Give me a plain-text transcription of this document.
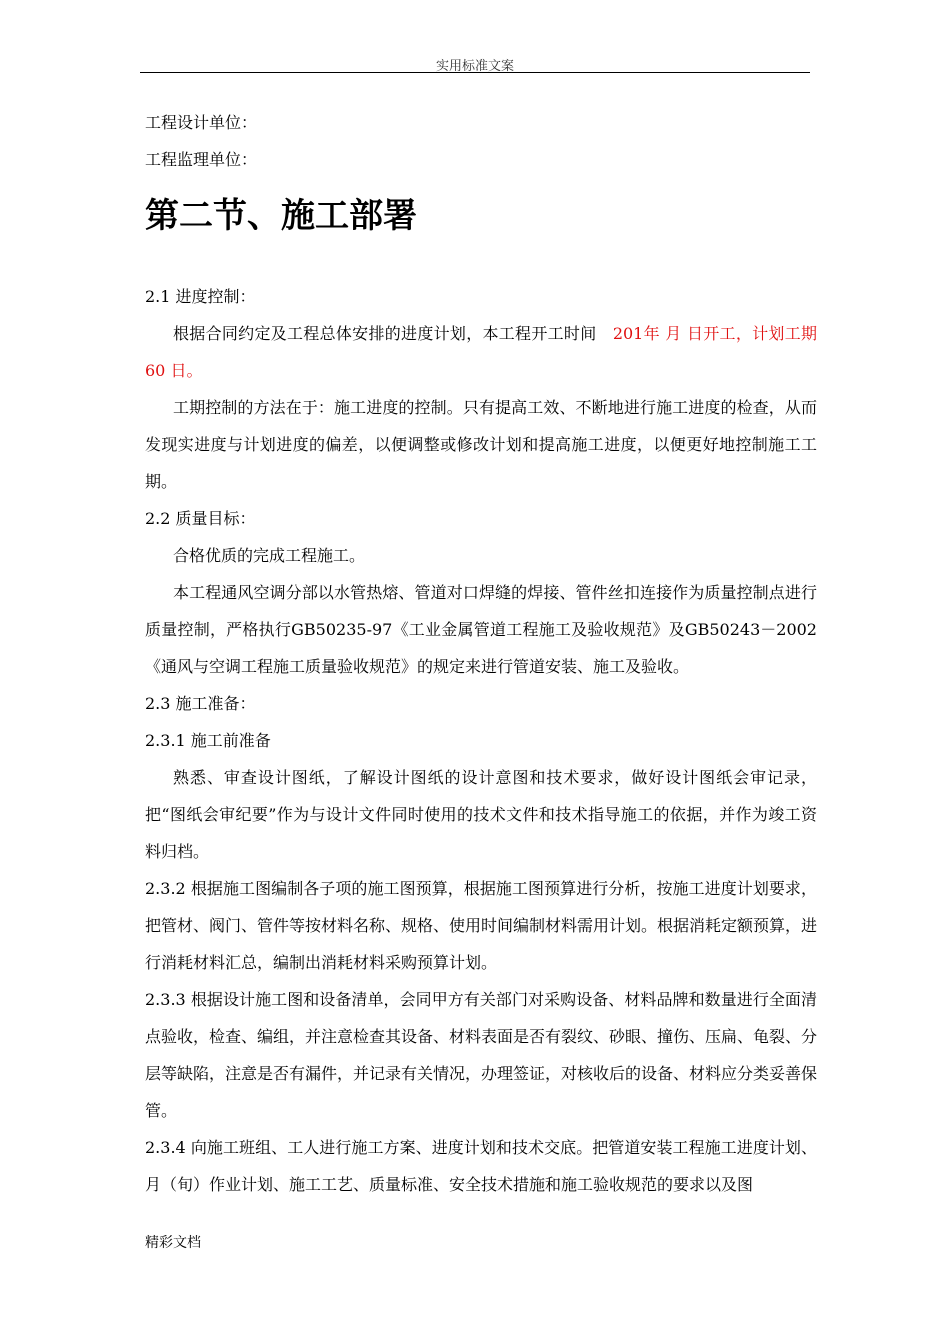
实用标准文案

工程设计单位：

工程监理单位：

第二节、施工部署

2.1 进度控制：

根据合同约定及工程总体安排的进度计划，本工程开工时间　 201年 月 日开工，计划工期 60 日。

工期控制的方法在于：施工进度的控制。只有提高工效、不断地进行施工进度的检查，从而发现实进度与计划进度的偏差，以便调整或修改计划和提高施工进度，以便更好地控制施工工期。

2.2 质量目标：

合格优质的完成工程施工。

本工程通风空调分部以水管热熔、管道对口焊缝的焊接、管件丝扣连接作为质量控制点进行质量控制，严格执行GB50235-97《工业金属管道工程施工及验收规范》及GB50243－2002《通风与空调工程施工质量验收规范》的规定来进行管道安装、施工及验收。

2.3 施工准备：

2.3.1 施工前准备

熟悉、审查设计图纸，了解设计图纸的设计意图和技术要求，做好设计图纸会审记录，把“图纸会审纪要”作为与设计文件同时使用的技术文件和技术指导施工的依据，并作为竣工资料归档。

2.3.2 根据施工图编制各子项的施工图预算，根据施工图预算进行分析，按施工进度计划要求，把管材、阀门、管件等按材料名称、规格、使用时间编制材料需用计划。根据消耗定额预算，进行消耗材料汇总，编制出消耗材料采购预算计划。

2.3.3 根据设计施工图和设备清单，会同甲方有关部门对采购设备、材料品牌和数量进行全面清点验收，检查、编组，并注意检查其设备、材料表面是否有裂纹、砂眼、撞伤、压扁、龟裂、分层等缺陷，注意是否有漏件，并记录有关情况，办理签证，对核收后的设备、材料应分类妥善保管。

2.3.4 向施工班组、工人进行施工方案、进度计划和技术交底。把管道安装工程施工进度计划、月（旬）作业计划、施工工艺、质量标准、安全技术措施和施工验收规范的要求以及图

精彩文档
